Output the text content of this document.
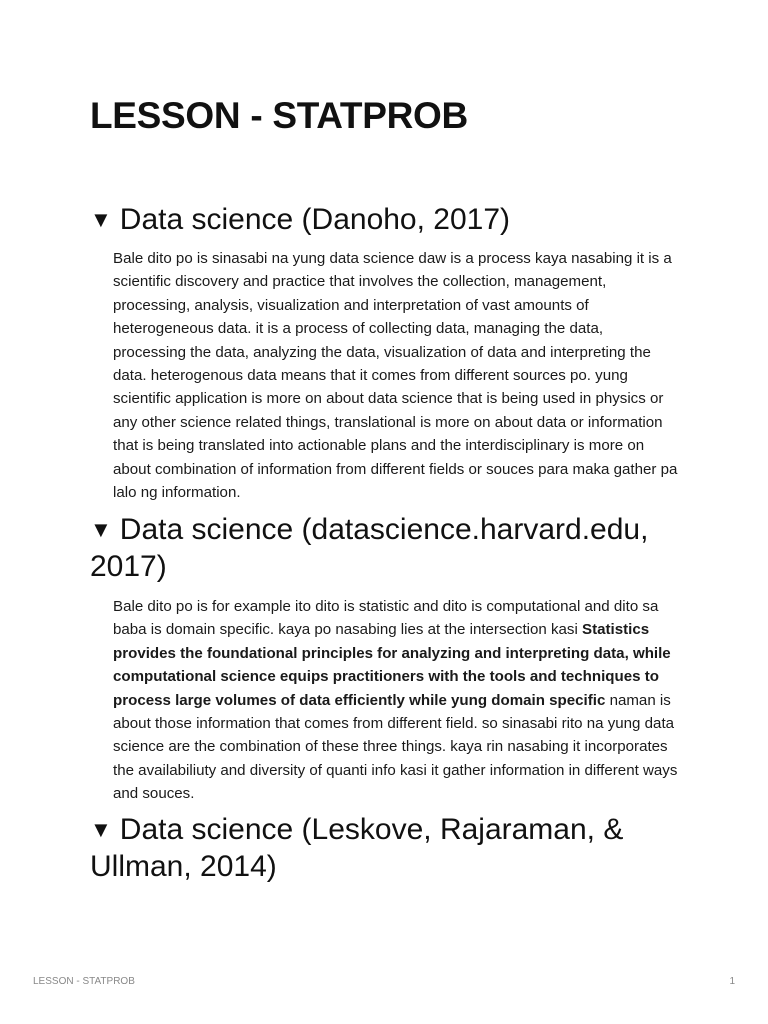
LESSON - STATPROB
▼ Data science (Danoho, 2017)

Bale dito po is sinasabi na yung data science daw is a process kaya nasabing it is a scientific discovery and practice that involves the collection, management, processing, analysis, visualization and interpretation of vast amounts of heterogeneous data. it is a process of collecting data, managing the data, processing the data, analyzing the data, visualization of data and interpreting the data. heterogenous data means that it comes from different sources po. yung scientific application is more on about data science that is being used in physics or any other science related things, translational is more on about data or information that is being translated into actionable plans and the interdisciplinary is more on about combination of information from different fields or souces para maka gather pa lalo ng information.

▼ Data science (datascience.harvard.edu, 2017)

Bale dito po is for example ito dito is statistic and dito is computational and dito sa baba is domain specific. kaya po nasabing lies at the intersection kasi Statistics provides the foundational principles for analyzing and interpreting data, while computational science equips practitioners with the tools and techniques to process large volumes of data efficiently while yung domain specific naman is about those information that comes from different field. so sinasabi rito na yung data science are the combination of these three things. kaya rin nasabing it incorporates the availabiliuty and diversity of quanti info kasi it gather information in different ways and souces.

▼ Data science (Leskove, Rajaraman, & Ullman, 2014)
LESSON - STATPROB	1
